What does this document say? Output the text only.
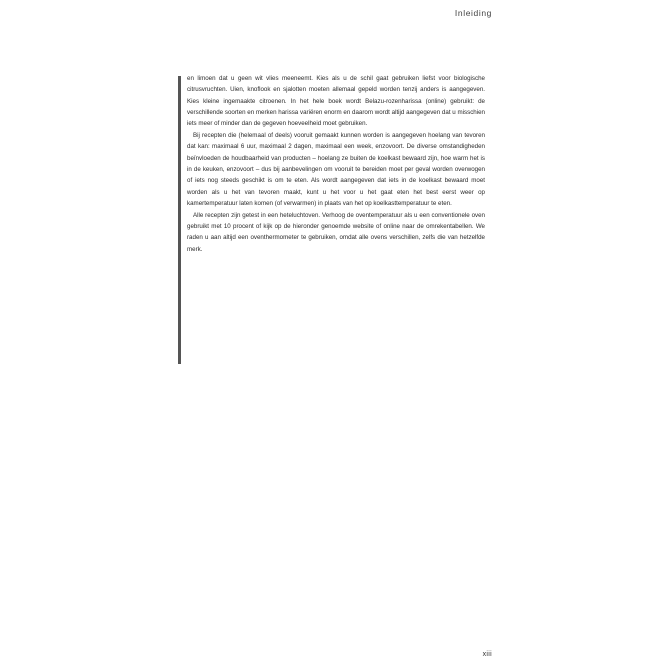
Inleiding

en limoen dat u geen wit vlies meeneemt. Kies als u de schil gaat gebruiken liefst voor biologische citrusvruchten. Uien, knoflook en sjalotten moeten allemaal gepeld worden tenzij anders is aangegeven. Kies kleine ingemaakte citroenen. In het hele boek wordt Belazu-rozenharissa (online) gebruikt: de verschillende soorten en merken harissa variëren enorm en daarom wordt altijd aangegeven dat u misschien iets meer of minder dan de gegeven hoeveelheid moet gebruiken.

Bij recepten die (helemaal of deels) vooruit gemaakt kunnen worden is aangegeven hoelang van tevoren dat kan: maximaal 6 uur, maximaal 2 dagen, maximaal een week, enzovoort. De diverse omstandigheden beïnvloeden de houdbaarheid van producten – hoelang ze buiten de koelkast bewaard zijn, hoe warm het is in de keuken, enzovoort – dus bij aanbevelingen om vooruit te bereiden moet per geval worden overwogen of iets nog steeds geschikt is om te eten. Als wordt aangegeven dat iets in de koelkast bewaard moet worden als u het van tevoren maakt, kunt u het voor u het gaat eten het best eerst weer op kamertemperatuur laten komen (of verwarmen) in plaats van het op koelkasttemperatuur te eten.

Alle recepten zijn getest in een heteluchtoven. Verhoog de oventemperatuur als u een conventionele oven gebruikt met 10 procent of kijk op de hieronder genoemde website of online naar de omrekentabellen. We raden u aan altijd een oventhermometer te gebruiken, omdat alle ovens verschillen, zelfs die van hetzelfde merk.

xiii
